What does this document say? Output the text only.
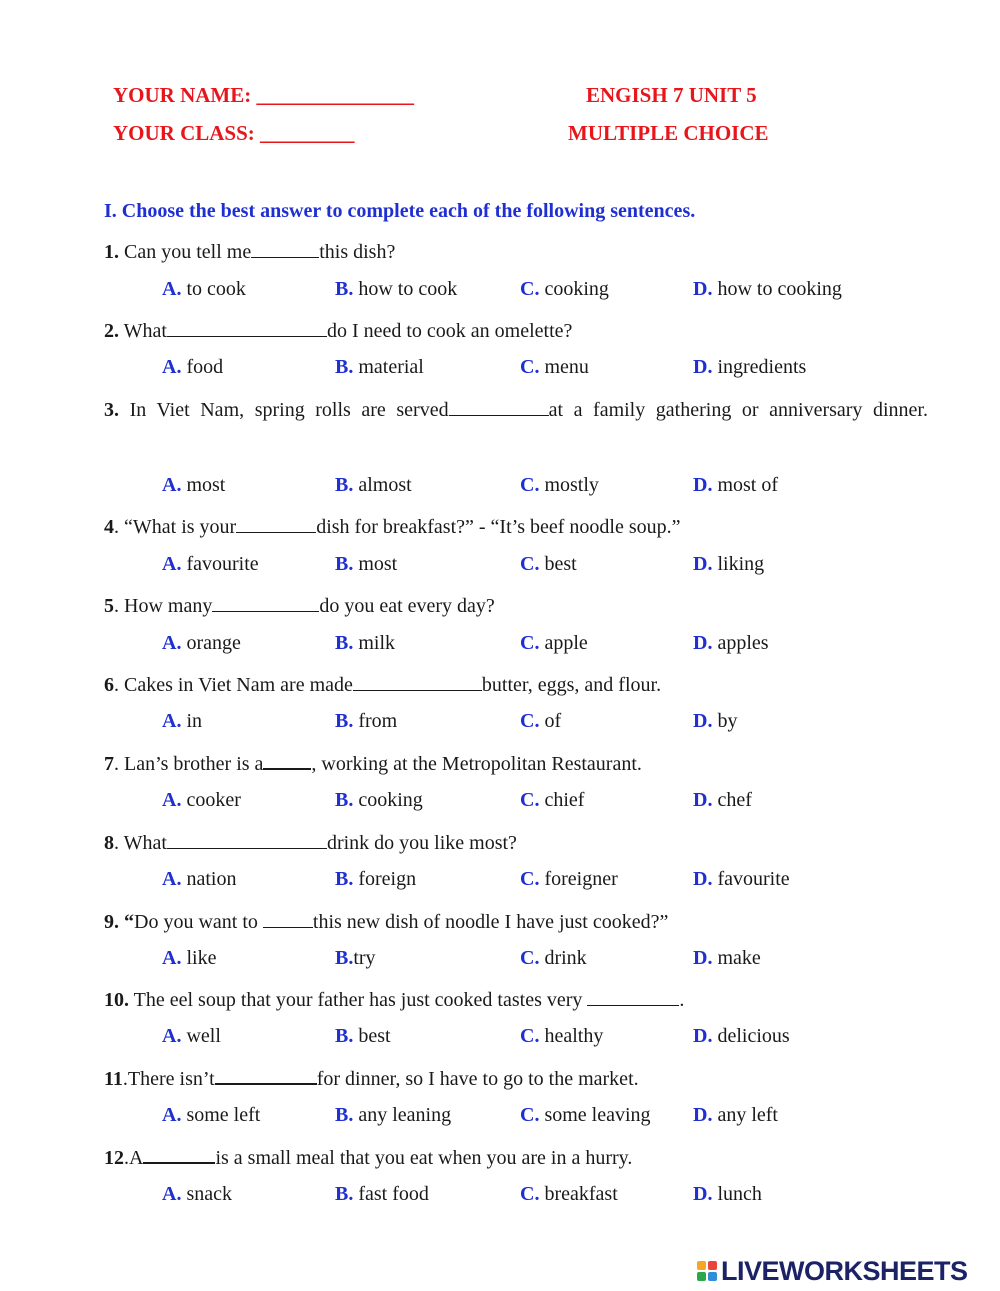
YOUR NAME: _______________
YOUR CLASS: _________
ENGISH 7 UNIT 5
MULTIPLE CHOICE
I. Choose the best answer to complete each of the following sentences.
1. Can you tell me	this dish?
A. to cook	B. how to cook	C. cooking	D. how to cooking
2. What	do I need to cook an omelette?
A. food	B. material	C. menu	D. ingredients
3. In Viet Nam, spring rolls are served	at a family gathering or anniversary dinner.
A. most	B. almost	C. mostly	D. most of
4. “What is your	dish for breakfast?” - “It’s beef noodle soup.”
A. favourite	B. most	C. best	D. liking
5. How many	do you eat every day?
A. orange	B. milk	C. apple	D. apples
6. Cakes in Viet Nam are made	butter, eggs, and flour.
A. in	B. from	C. of	D. by
7. Lan’s brother is a , working at the Metropolitan Restaurant.
A. cooker	B. cooking	C. chief	D. chef
8. What	drink do you like most?
A. nation	B. foreign	C. foreigner	D. favourite
9. “Do you want to	this new dish of noodle I have just cooked?”
A. like	B.try	C. drink	D. make
10. The eel soup that your father has just cooked tastes very	.
A. well	B. best	C. healthy	D. delicious
11.There isn’t	for dinner, so I have to go to the market.
A. some left	B. any leaning	C. some leaving D. any left
12.A	is a small meal that you eat when you are in a hurry.
A. snack	B. fast food	C. breakfast	D. lunch
LIVEWORKSHEETS
